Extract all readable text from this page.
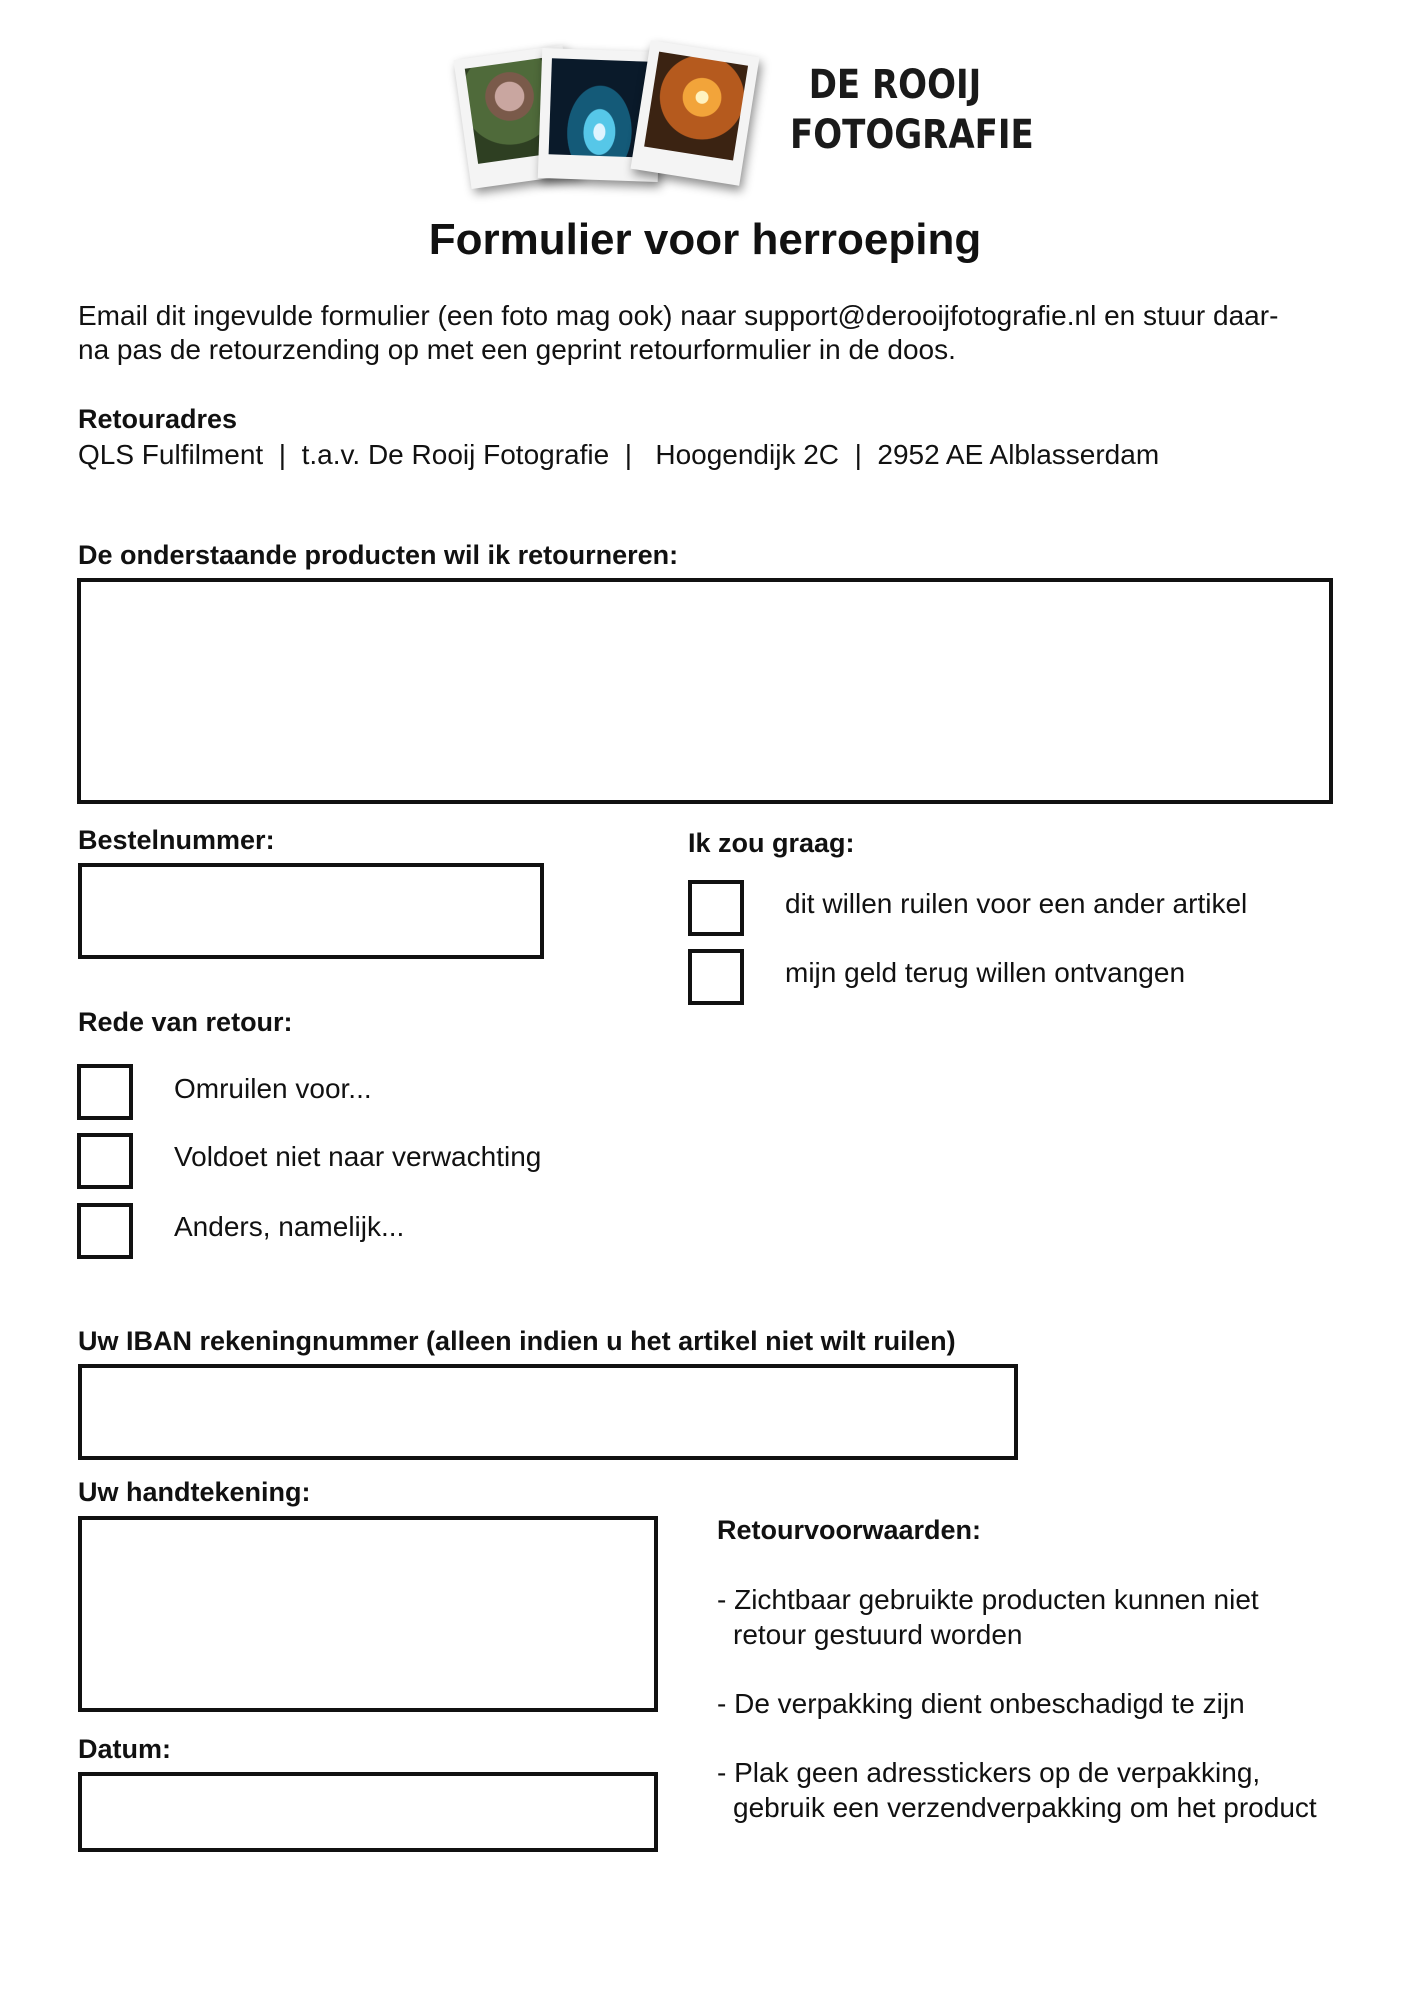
DE ROOIJ
FOTOGRAFIE
Formulier voor herroeping
Email dit ingevulde formulier (een foto mag ook) naar support@derooijfotografie.nl en stuur daar-
na pas de retourzending op met een geprint retourformulier in de doos.
Retouradres
QLS Fulfilment  |  t.a.v. De Rooij Fotografie  |   Hoogendijk 2C  |  2952 AE Alblasserdam
De onderstaande producten wil ik retourneren:
Bestelnummer:	Ik zou graag:
dit willen ruilen voor een ander artikel
mijn geld terug willen ontvangen
Rede van retour:
Omruilen voor...
Voldoet niet naar verwachting
Anders, namelijk...
Uw IBAN rekeningnummer (alleen indien u het artikel niet wilt ruilen)
Uw handtekening:
Datum:
Retourvoorwaarden:
- Zichtbaar gebruikte producten kunnen niet
retour gestuurd worden
- De verpakking dient onbeschadigd te zijn
- Plak geen adresstickers op de verpakking,
gebruik een verzendverpakking om het product
